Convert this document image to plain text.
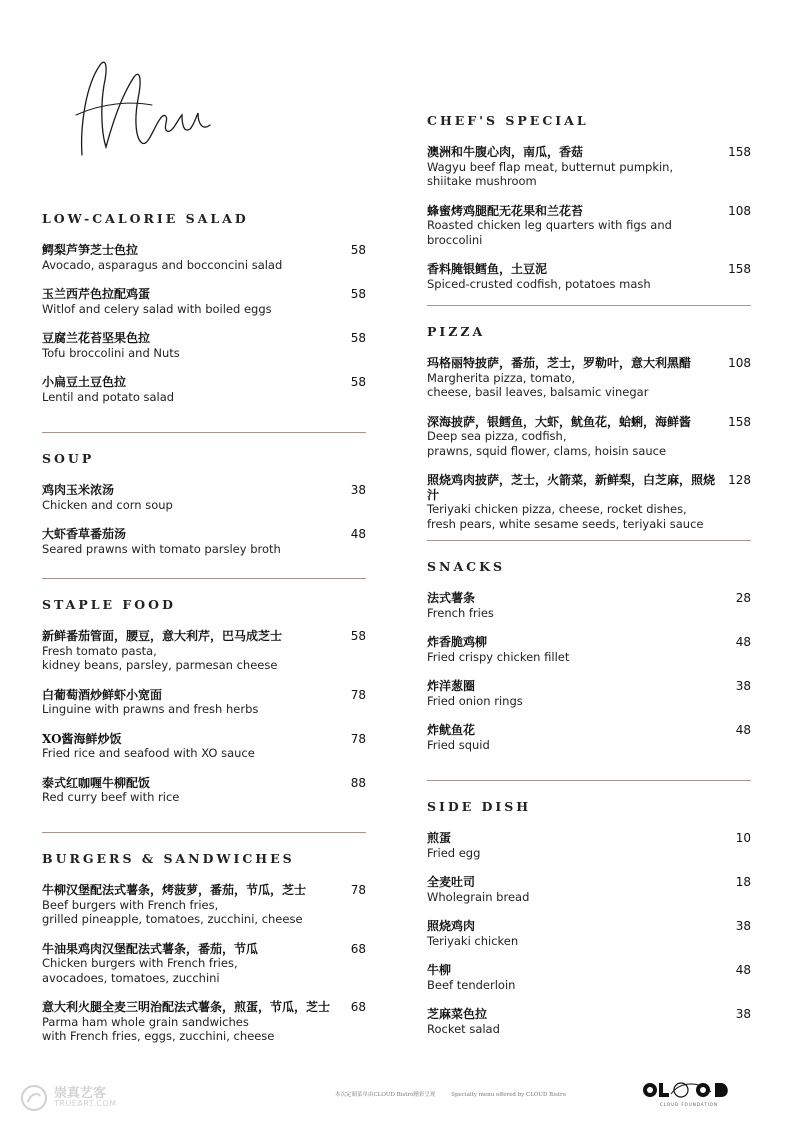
LOW-CALORIE SALAD
鳄梨芦笋芝士色拉
Avocado, asparagus and bocconcini salad
58
玉兰西芹色拉配鸡蛋
Witlof and celery salad with boiled eggs
58
豆腐兰花苔坚果色拉
Tofu broccolini and Nuts
58
小扁豆土豆色拉
Lentil and potato salad
58
SOUP
鸡肉玉米浓汤
Chicken and corn soup
38
大虾香草番茄汤
Seared prawns with tomato parsley broth
48
STAPLE FOOD
新鲜番茄管面，腰豆，意大利芹，巴马成芝士
Fresh tomato pasta,
kidney beans, parsley, parmesan cheese
58
白葡萄酒炒鲜虾小宽面
Linguine with prawns and fresh herbs
78
XO酱海鲜炒饭
Fried rice and seafood with XO sauce
78
泰式红咖喱牛柳配饭
Red curry beef with rice
88
BURGERS & SANDWICHES
牛柳汉堡配法式薯条，烤菠萝，番茄，节瓜，芝士
Beef burgers with French fries,
grilled pineapple, tomatoes, zucchini, cheese
78
牛油果鸡肉汉堡配法式薯条，番茄，节瓜
Chicken burgers with French fries,
avocadoes, tomatoes, zucchini
68
意大利火腿全麦三明治配法式薯条，煎蛋，节瓜，芝士
Parma ham whole grain sandwiches
with French fries, eggs, zucchini, cheese
68
CHEF'S SPECIAL
澳洲和牛腹心肉，南瓜，香菇
Wagyu beef flap meat, butternut pumpkin,
shiitake mushroom
158
蜂蜜烤鸡腿配无花果和兰花苔
Roasted chicken leg quarters with figs and broccolini
108
香料腌银鳕鱼，土豆泥
Spiced-crusted codfish, potatoes mash
158
PIZZA
玛格丽特披萨，番茄，芝士，罗勒叶，意大利黑醋
Margherita pizza, tomato,
cheese, basil leaves, balsamic vinegar
108
深海披萨，银鳕鱼，大虾，鱿鱼花，蛤蜊，海鲜酱
Deep sea pizza, codfish,
prawns, squid flower, clams, hoisin sauce
158
照烧鸡肉披萨，芝士，火箭菜，新鲜梨，白芝麻，照烧汁
Teriyaki chicken pizza, cheese, rocket dishes,
fresh pears, white sesame seeds, teriyaki sauce
128
SNACKS
法式薯条
French fries
28
炸香脆鸡柳
Fried crispy chicken fillet
48
炸洋葱圈
Fried onion rings
38
炸鱿鱼花
Fried squid
48
SIDE DISH
煎蛋
Fried egg
10
全麦吐司
Wholegrain bread
18
照烧鸡肉
Teriyaki chicken
38
牛柳
Beef tenderloin
48
芝麻菜色拉
Rocket salad
38
崇真艺客
TRUEART.COM
本次定制菜单由CLOUD Bistro精彩呈现	Specialty menu offered by CLOUD Bistro
CLOUD FOUNDATION
